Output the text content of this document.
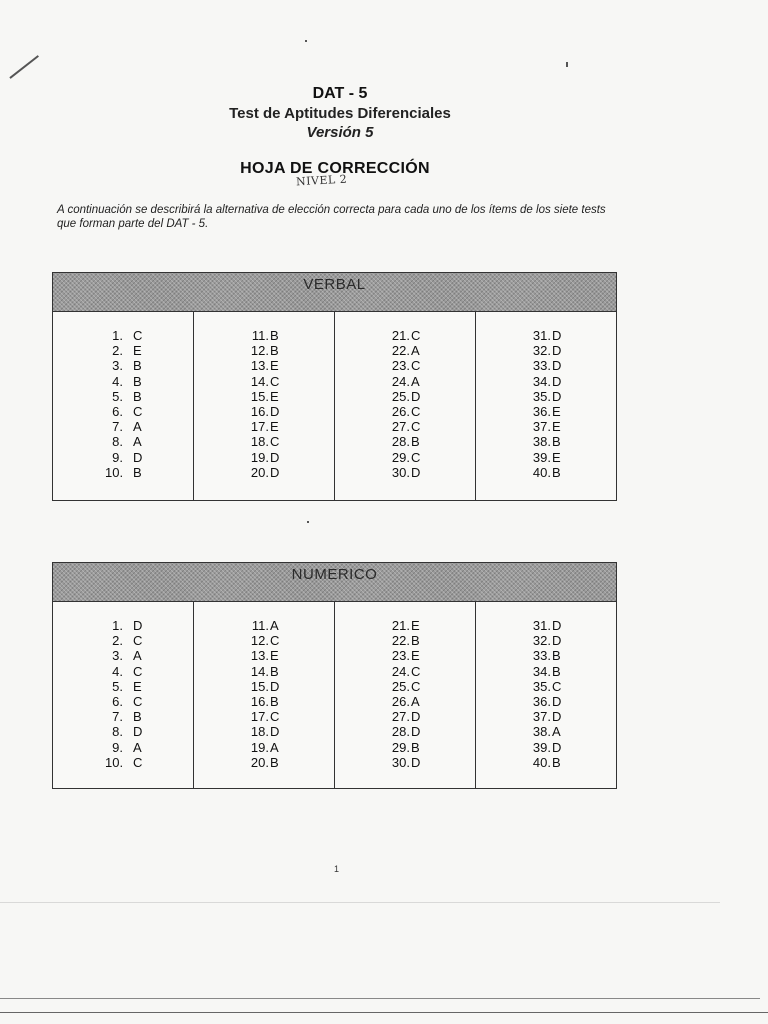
DAT - 5
Test de Aptitudes Diferenciales
Versión 5
HOJA DE CORRECCIÓN
NIVEL 2
A continuación se describirá la alternativa de elección correcta para cada uno de los ítems de los siete tests que forman parte del DAT - 5.
VERBAL
1. C
2. E
3. B
4. B
5. B
6. C
7. A
8. A
9. D
10. B
11. B
12. B
13. E
14. C
15. E
16. D
17. E
18. C
19. D
20. D
21. C
22. A
23. C
24. A
25. D
26. C
27. C
28. B
29. C
30. D
31. D
32. D
33. D
34. D
35. D
36. E
37. E
38. B
39. E
40. B
NUMERICO
1. D
2. C
3. A
4. C
5. E
6. C
7. B
8. D
9. A
10. C
11. A
12. C
13. E
14. B
15. D
16. B
17. C
18. D
19. A
20. B
21. E
22. B
23. E
24. C
25. C
26. A
27. D
28. D
29. B
30. D
31. D
32. D
33. B
34. B
35. C
36. D
37. D
38. A
39. D
40. B
1
